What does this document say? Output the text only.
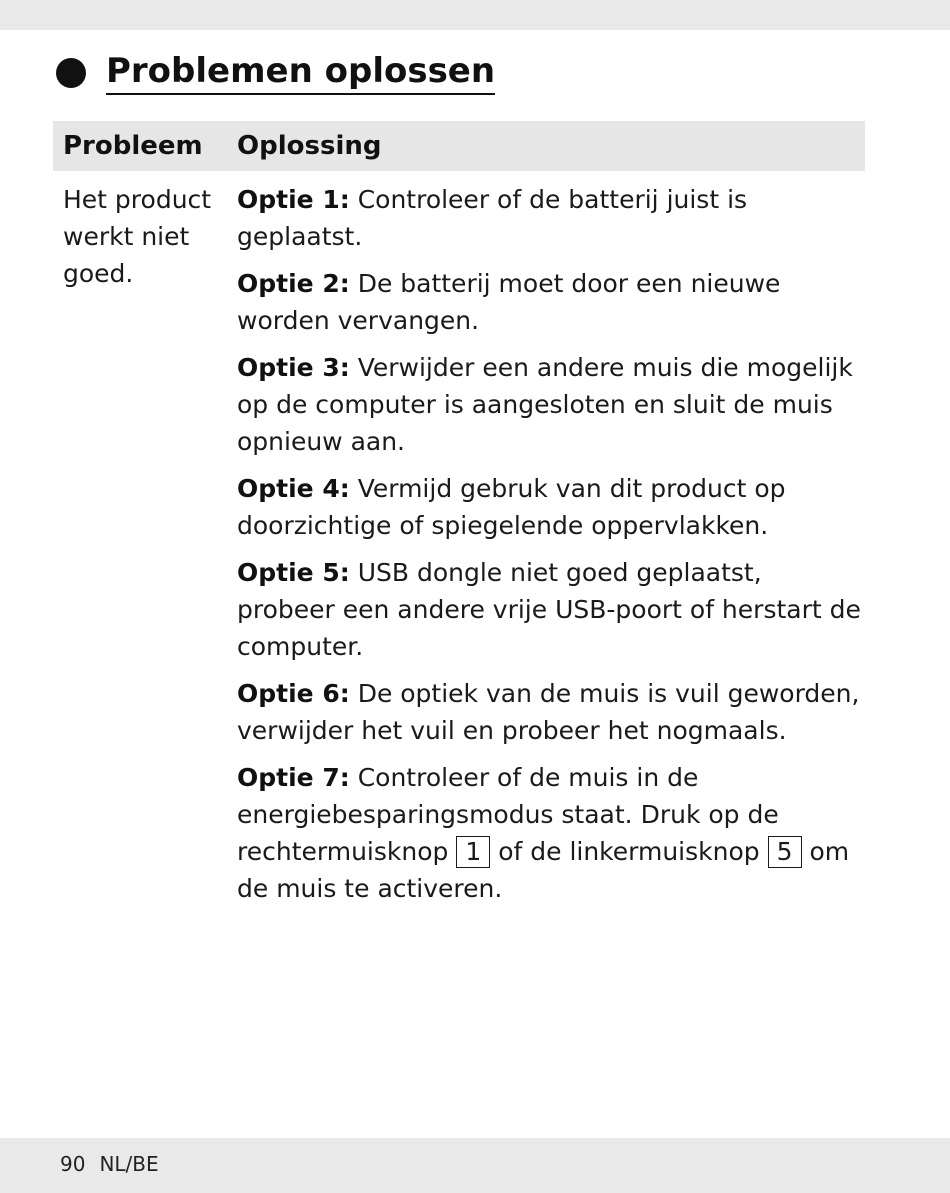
Problemen oplossen
Probleem	Oplossing
Het product
werkt niet
goed.
Optie 1: Controleer of de batterij juist is geplaatst.
Optie 2: De batterij moet door een nieuwe worden vervangen.
Optie 3: Verwijder een andere muis die mogelijk op de computer is aangesloten en sluit de muis opnieuw aan.
Optie 4: Vermijd gebruk van dit product op doorzichtige of spiegelende oppervlakken.
Optie 5: USB dongle niet goed geplaatst, probeer een andere vrije USB-poort of herstart de computer.
Optie 6: De optiek van de muis is vuil geworden, verwijder het vuil en probeer het nogmaals.
Optie 7: Controleer of de muis in de energiebesparingsmodus staat. Druk op de rechtermuisknop 1 of de linkermuisknop 5 om de muis te activeren.
90 NL/BE
